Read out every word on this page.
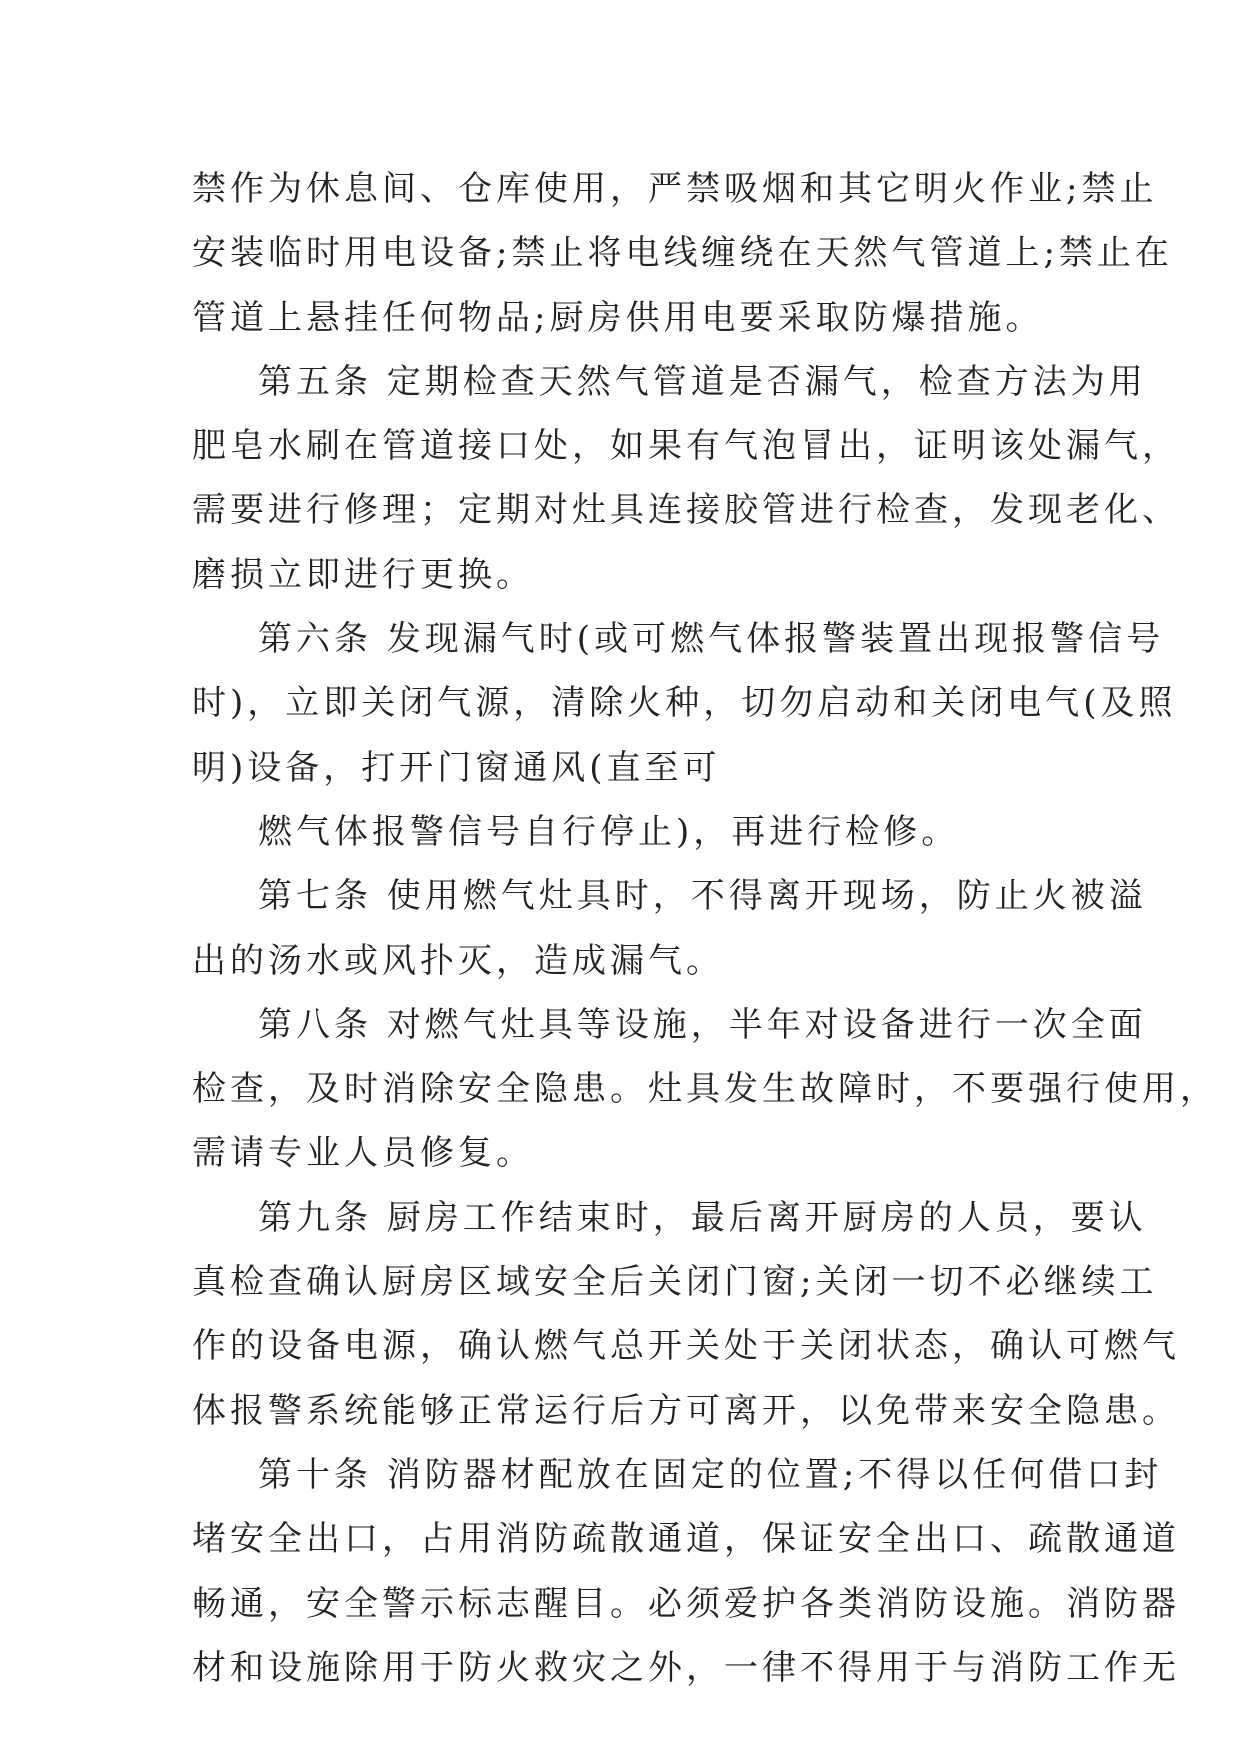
禁作为休息间、仓库使用，严禁吸烟和其它明火作业;禁止
安装临时用电设备;禁止将电线缠绕在天然气管道上;禁止在
管道上悬挂任何物品;厨房供用电要采取防爆措施。
第五条 定期检查天然气管道是否漏气，检查方法为用
肥皂水刷在管道接口处，如果有气泡冒出，证明该处漏气，
需要进行修理；定期对灶具连接胶管进行检查，发现老化、
磨损立即进行更换。
第六条 发现漏气时(或可燃气体报警装置出现报警信号
时)，立即关闭气源，清除火种，切勿启动和关闭电气(及照
明)设备，打开门窗通风(直至可
燃气体报警信号自行停止)，再进行检修。
第七条 使用燃气灶具时，不得离开现场，防止火被溢
出的汤水或风扑灭，造成漏气。
第八条 对燃气灶具等设施，半年对设备进行一次全面
检查，及时消除安全隐患。灶具发生故障时，不要强行使用，
需请专业人员修复。
第九条 厨房工作结束时，最后离开厨房的人员，要认
真检查确认厨房区域安全后关闭门窗;关闭一切不必继续工
作的设备电源，确认燃气总开关处于关闭状态，确认可燃气
体报警系统能够正常运行后方可离开，以免带来安全隐患。
第十条 消防器材配放在固定的位置;不得以任何借口封
堵安全出口，占用消防疏散通道，保证安全出口、疏散通道
畅通，安全警示标志醒目。必须爱护各类消防设施。消防器
材和设施除用于防火救灾之外，一律不得用于与消防工作无
